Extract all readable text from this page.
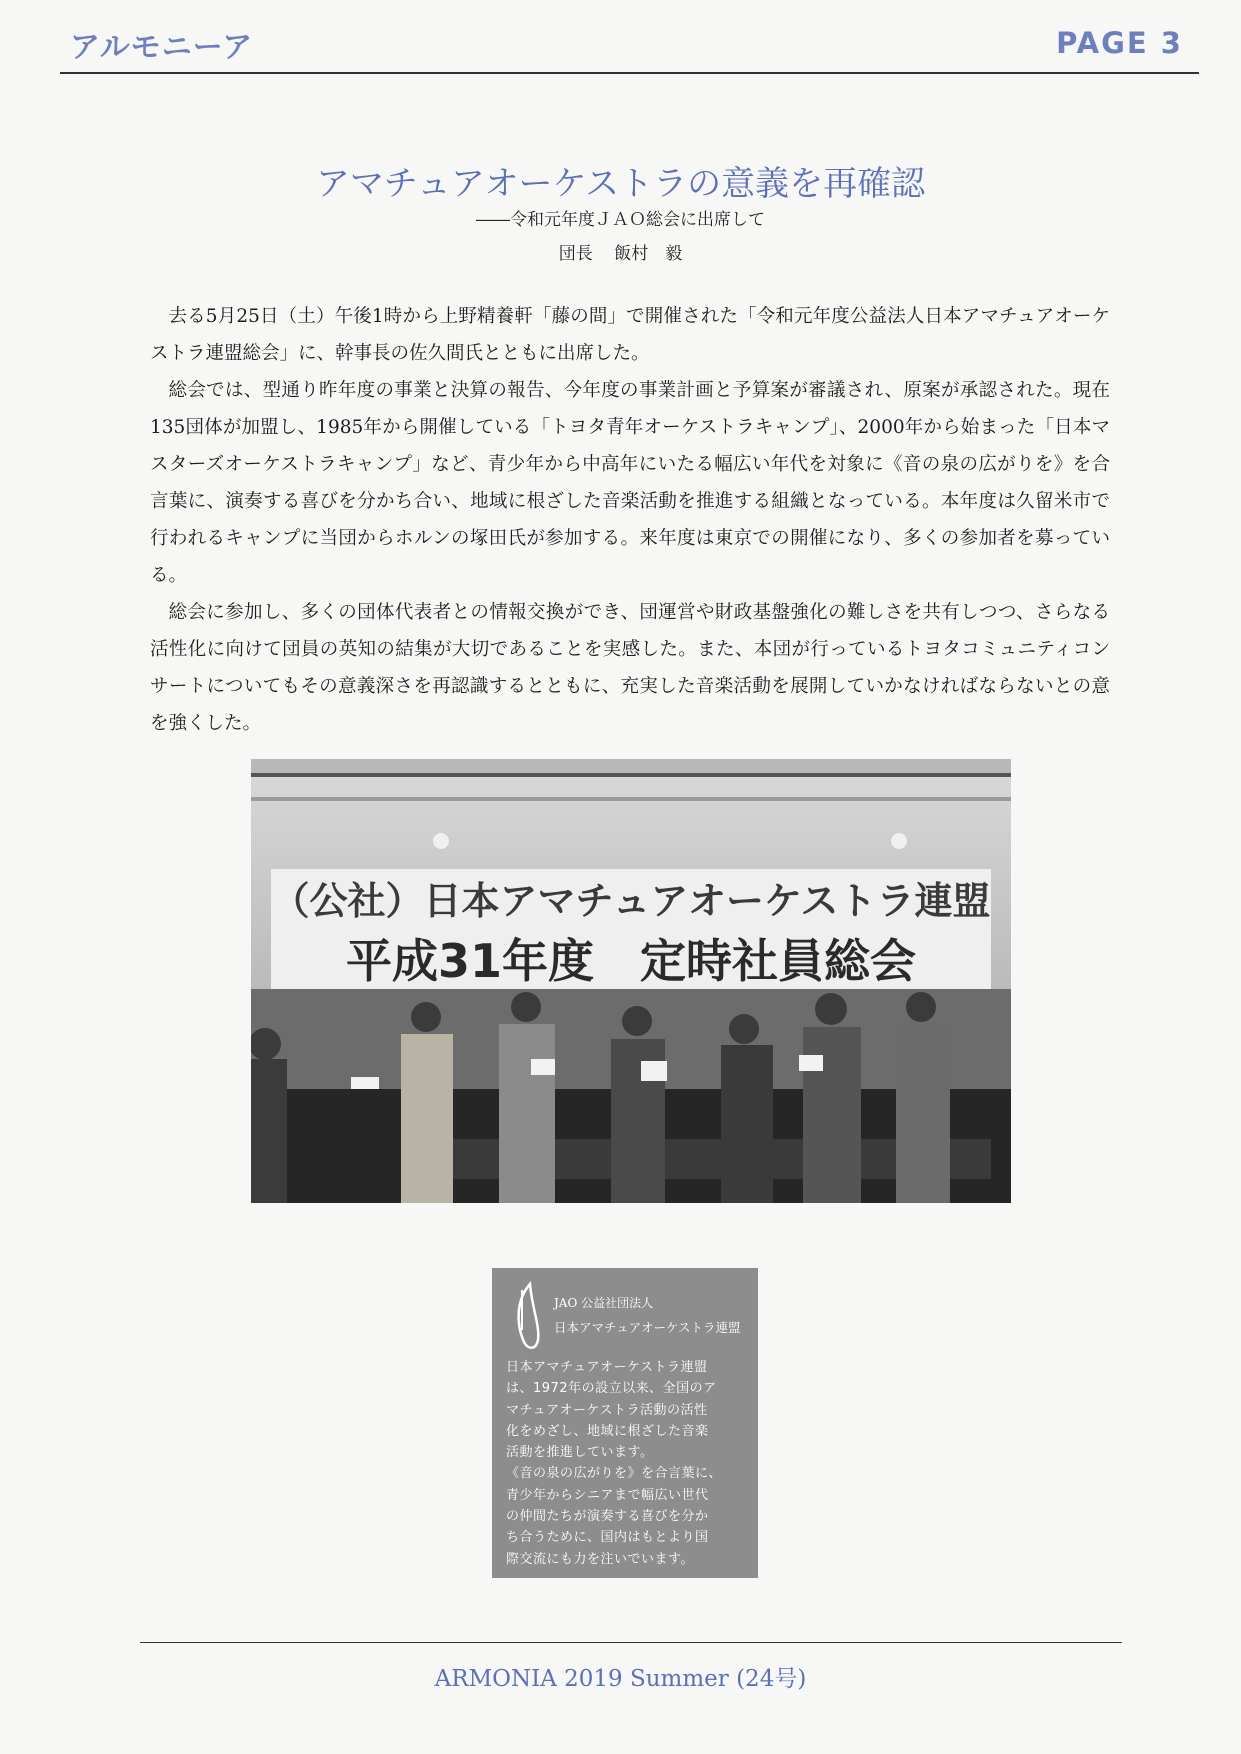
アルモニーア	PAGE 3
アマチュアオーケストラの意義を再確認
――令和元年度ＪＡＯ総会に出席して
団長 飯村　毅

去る5月25日（土）午後1時から上野精養軒「藤の間」で開催された「令和元年度公益法人日本アマチュアオーケストラ連盟総会」に、幹事長の佐久間氏とともに出席した。

総会では、型通り昨年度の事業と決算の報告、今年度の事業計画と予算案が審議され、原案が承認された。現在135団体が加盟し、1985年から開催している「トヨタ青年オーケストラキャンプ」、2000年から始まった「日本マスターズオーケストラキャンプ」など、青少年から中高年にいたる幅広い年代を対象に《音の泉の広がりを》を合言葉に、演奏する喜びを分かち合い、地域に根ざした音楽活動を推進する組織となっている。本年度は久留米市で行われるキャンプに当団からホルンの塚田氏が参加する。来年度は東京での開催になり、多くの参加者を募っている。

総会に参加し、多くの団体代表者との情報交換ができ、団運営や財政基盤強化の難しさを共有しつつ、さらなる活性化に向けて団員の英知の結集が大切であることを実感した。また、本団が行っているトヨタコミュニティコンサートについてもその意義深さを再認識するとともに、充実した音楽活動を展開していかなければならないとの意を強くした。

（公社）日本アマチュアオーケストラ連盟
平成31年度　定時社員総会
JAO 公益社団法人
日本アマチュアオーケストラ連盟
日本アマチュアオーケストラ連盟
は、1972年の設立以来、全国のア
マチュアオーケストラ活動の活性
化をめざし、地域に根ざした音楽
活動を推進しています。
《音の泉の広がりを》を合言葉に、
青少年からシニアまで幅広い世代
の仲間たちが演奏する喜びを分か
ち合うために、国内はもとより国
際交流にも力を注いでいます。
ARMONIA 2019 Summer (24号)
